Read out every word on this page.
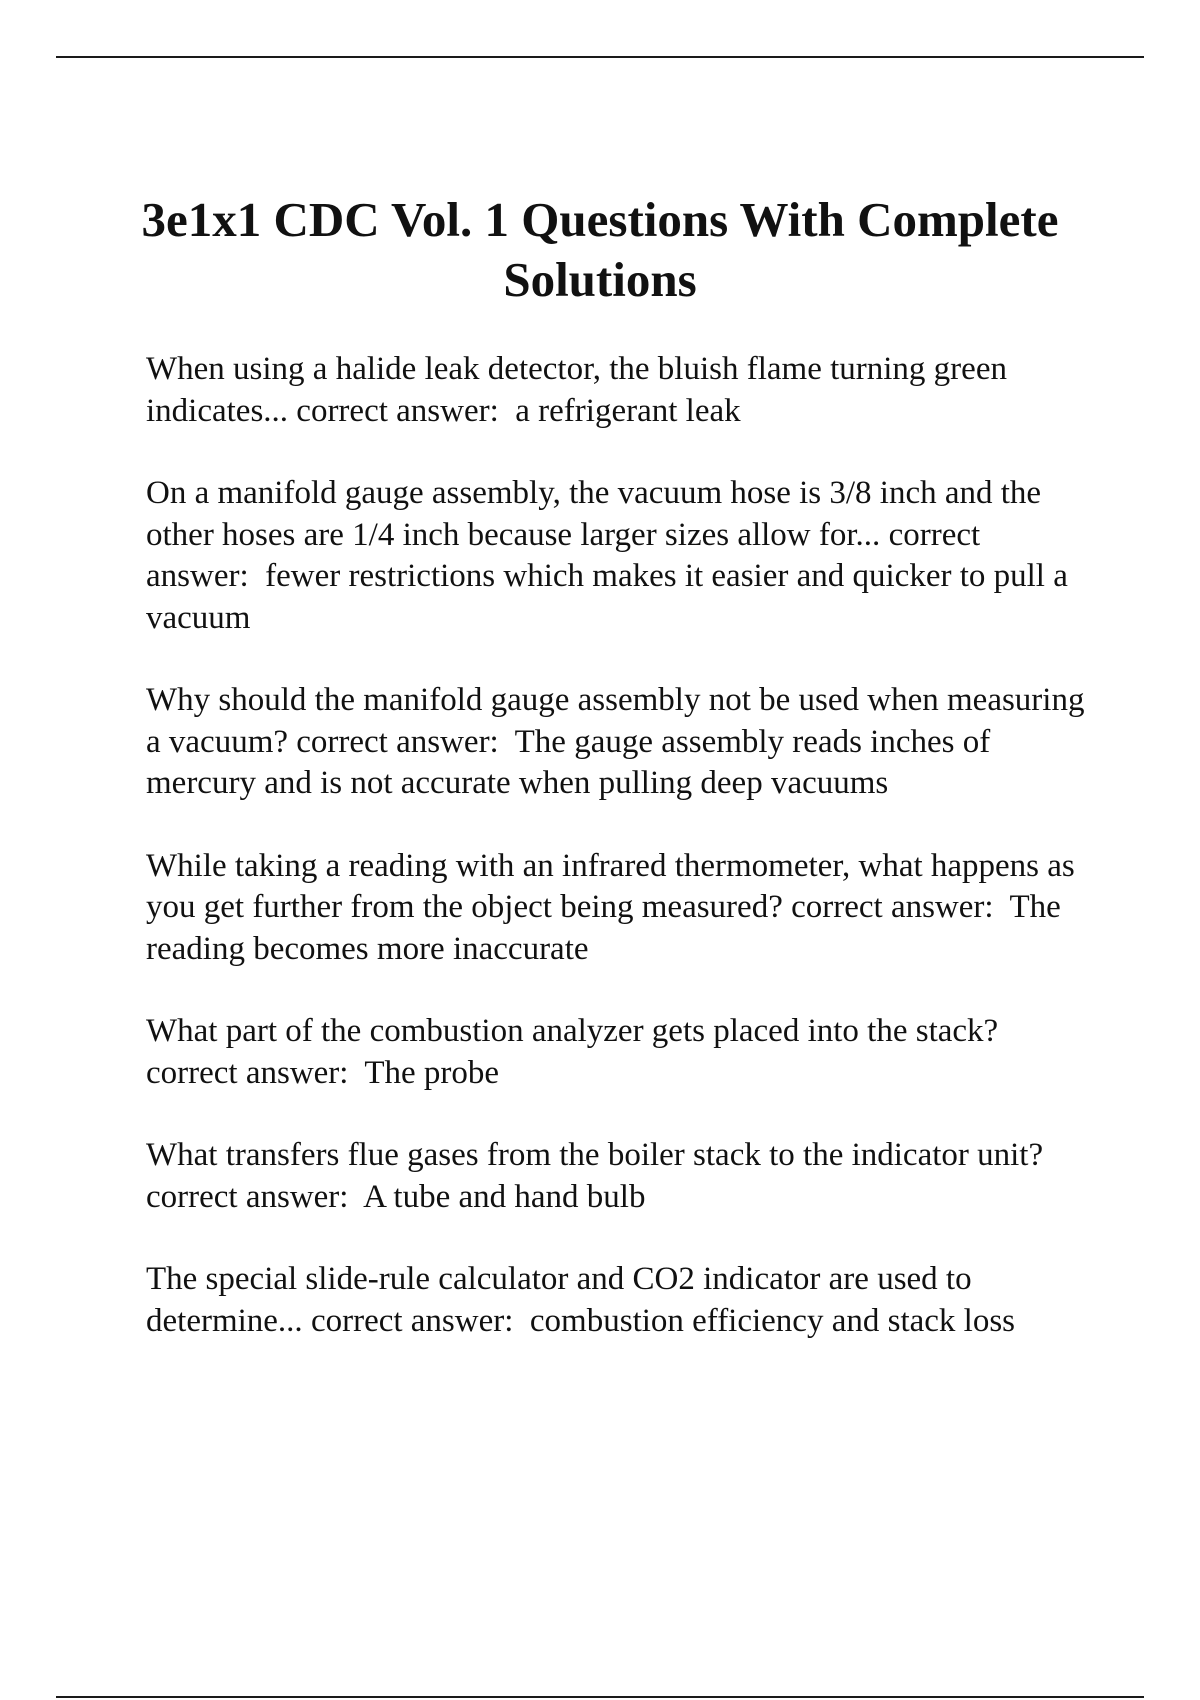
3e1x1 CDC Vol. 1 Questions With Complete Solutions

When using a halide leak detector, the bluish flame turning green indicates... correct answer: a refrigerant leak

On a manifold gauge assembly, the vacuum hose is 3/8 inch and the other hoses are 1/4 inch because larger sizes allow for... correct answer: fewer restrictions which makes it easier and quicker to pull a vacuum

Why should the manifold gauge assembly not be used when measuring a vacuum? correct answer: The gauge assembly reads inches of mercury and is not accurate when pulling deep vacuums

While taking a reading with an infrared thermometer, what happens as you get further from the object being measured? correct answer: The reading becomes more inaccurate

What part of the combustion analyzer gets placed into the stack? correct answer: The probe

What transfers flue gases from the boiler stack to the indicator unit? correct answer: A tube and hand bulb

The special slide-rule calculator and CO2 indicator are used to determine... correct answer: combustion efficiency and stack loss
